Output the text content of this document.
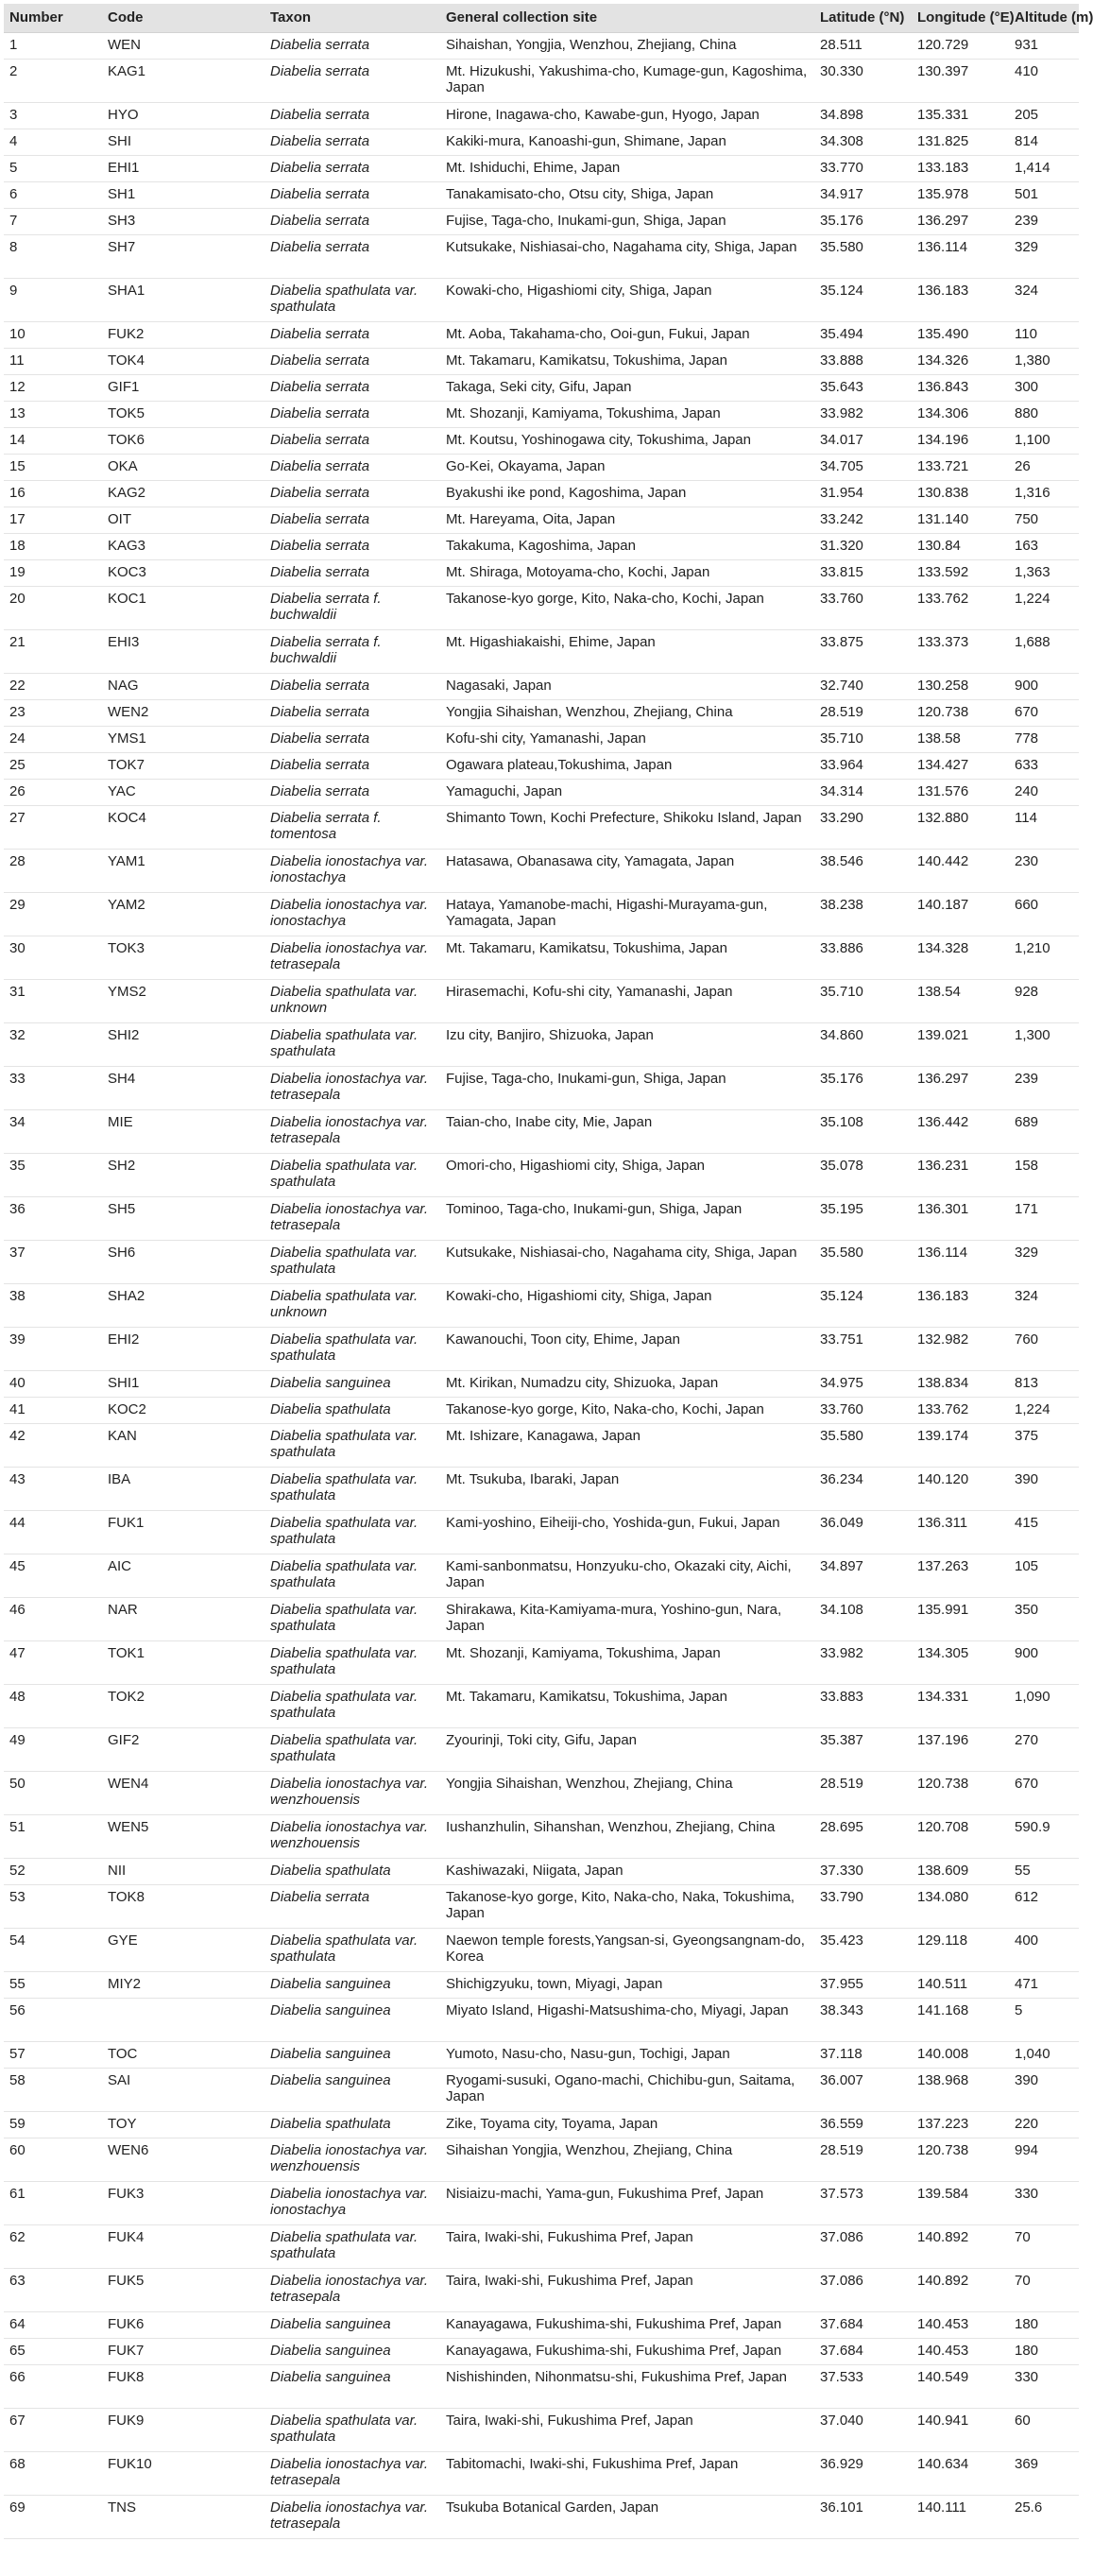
Number	Code	Taxon	General collection site	Latitude (°N)	Longitude (°E)	Altitude (m)
1	WEN	Diabelia serrata	Sihaishan, Yongjia, Wenzhou, Zhejiang, China	28.511	120.729	931
2	KAG1	Diabelia serrata	Mt. Hizukushi, Yakushima-cho, Kumage-gun, Kagoshima, Japan	30.330	130.397	410
3	HYO	Diabelia serrata	Hirone, Inagawa-cho, Kawabe-gun, Hyogo, Japan	34.898	135.331	205
4	SHI	Diabelia serrata	Kakiki-mura, Kanoashi-gun, Shimane, Japan	34.308	131.825	814
5	EHI1	Diabelia serrata	Mt. Ishiduchi, Ehime, Japan	33.770	133.183	1,414
6	SH1	Diabelia serrata	Tanakamisato-cho, Otsu city, Shiga, Japan	34.917	135.978	501
7	SH3	Diabelia serrata	Fujise, Taga-cho, Inukami-gun, Shiga, Japan	35.176	136.297	239
8	SH7	Diabelia serrata	Kutsukake, Nishiasai-cho, Nagahama city, Shiga, Japan	35.580	136.114	329
9	SHA1	Diabelia spathulata var. spathulata	Kowaki-cho, Higashiomi city, Shiga, Japan	35.124	136.183	324
10	FUK2	Diabelia serrata	Mt. Aoba, Takahama-cho, Ooi-gun, Fukui, Japan	35.494	135.490	110
11	TOK4	Diabelia serrata	Mt. Takamaru, Kamikatsu, Tokushima, Japan	33.888	134.326	1,380
12	GIF1	Diabelia serrata	Takaga, Seki city, Gifu, Japan	35.643	136.843	300
13	TOK5	Diabelia serrata	Mt. Shozanji, Kamiyama, Tokushima, Japan	33.982	134.306	880
14	TOK6	Diabelia serrata	Mt. Koutsu, Yoshinogawa city, Tokushima, Japan	34.017	134.196	1,100
15	OKA	Diabelia serrata	Go-Kei, Okayama, Japan	34.705	133.721	26
16	KAG2	Diabelia serrata	Byakushi ike pond, Kagoshima, Japan	31.954	130.838	1,316
17	OIT	Diabelia serrata	Mt. Hareyama, Oita, Japan	33.242	131.140	750
18	KAG3	Diabelia serrata	Takakuma, Kagoshima, Japan	31.320	130.84	163
19	KOC3	Diabelia serrata	Mt. Shiraga, Motoyama-cho, Kochi, Japan	33.815	133.592	1,363
20	KOC1	Diabelia serrata f. buchwaldii	Takanose-kyo gorge, Kito, Naka-cho, Kochi, Japan	33.760	133.762	1,224
21	EHI3	Diabelia serrata f. buchwaldii	Mt. Higashiakaishi, Ehime, Japan	33.875	133.373	1,688
22	NAG	Diabelia serrata	Nagasaki, Japan	32.740	130.258	900
23	WEN2	Diabelia serrata	Yongjia Sihaishan, Wenzhou, Zhejiang, China	28.519	120.738	670
24	YMS1	Diabelia serrata	Kofu-shi city, Yamanashi, Japan	35.710	138.58	778
25	TOK7	Diabelia serrata	Ogawara plateau,Tokushima, Japan	33.964	134.427	633
26	YAC	Diabelia serrata	Yamaguchi, Japan	34.314	131.576	240
27	KOC4	Diabelia serrata f. tomentosa	Shimanto Town, Kochi Prefecture, Shikoku Island, Japan	33.290	132.880	114
28	YAM1	Diabelia ionostachya var. ionostachya	Hatasawa, Obanasawa city, Yamagata, Japan	38.546	140.442	230
29	YAM2	Diabelia ionostachya var. ionostachya	Hataya, Yamanobe-machi, Higashi-Murayama-gun, Yamagata, Japan	38.238	140.187	660
30	TOK3	Diabelia ionostachya var. tetrasepala	Mt. Takamaru, Kamikatsu, Tokushima, Japan	33.886	134.328	1,210
31	YMS2	Diabelia spathulata var. unknown	Hirasemachi, Kofu-shi city, Yamanashi, Japan	35.710	138.54	928
32	SHI2	Diabelia spathulata var. spathulata	Izu city, Banjiro, Shizuoka, Japan	34.860	139.021	1,300
33	SH4	Diabelia ionostachya var. tetrasepala	Fujise, Taga-cho, Inukami-gun, Shiga, Japan	35.176	136.297	239
34	MIE	Diabelia ionostachya var. tetrasepala	Taian-cho, Inabe city, Mie, Japan	35.108	136.442	689
35	SH2	Diabelia spathulata var. spathulata	Omori-cho, Higashiomi city, Shiga, Japan	35.078	136.231	158
36	SH5	Diabelia ionostachya var. tetrasepala	Tominoo, Taga-cho, Inukami-gun, Shiga, Japan	35.195	136.301	171
37	SH6	Diabelia spathulata var. spathulata	Kutsukake, Nishiasai-cho, Nagahama city, Shiga, Japan	35.580	136.114	329
38	SHA2	Diabelia spathulata var. unknown	Kowaki-cho, Higashiomi city, Shiga, Japan	35.124	136.183	324
39	EHI2	Diabelia spathulata var. spathulata	Kawanouchi, Toon city, Ehime, Japan	33.751	132.982	760
40	SHI1	Diabelia sanguinea	Mt. Kirikan, Numadzu city, Shizuoka, Japan	34.975	138.834	813
41	KOC2	Diabelia spathulata	Takanose-kyo gorge, Kito, Naka-cho, Kochi, Japan	33.760	133.762	1,224
42	KAN	Diabelia spathulata var. spathulata	Mt. Ishizare, Kanagawa, Japan	35.580	139.174	375
43	IBA	Diabelia spathulata var. spathulata	Mt. Tsukuba, Ibaraki, Japan	36.234	140.120	390
44	FUK1	Diabelia spathulata var. spathulata	Kami-yoshino, Eiheiji-cho, Yoshida-gun, Fukui, Japan	36.049	136.311	415
45	AIC	Diabelia spathulata var. spathulata	Kami-sanbonmatsu, Honzyuku-cho, Okazaki city, Aichi, Japan	34.897	137.263	105
46	NAR	Diabelia spathulata var. spathulata	Shirakawa, Kita-Kamiyama-mura, Yoshino-gun, Nara, Japan	34.108	135.991	350
47	TOK1	Diabelia spathulata var. spathulata	Mt. Shozanji, Kamiyama, Tokushima, Japan	33.982	134.305	900
48	TOK2	Diabelia spathulata var. spathulata	Mt. Takamaru, Kamikatsu, Tokushima, Japan	33.883	134.331	1,090
49	GIF2	Diabelia spathulata var. spathulata	Zyourinji, Toki city, Gifu, Japan	35.387	137.196	270
50	WEN4	Diabelia ionostachya var. wenzhouensis	Yongjia Sihaishan, Wenzhou, Zhejiang, China	28.519	120.738	670
51	WEN5	Diabelia ionostachya var. wenzhouensis	Iushanzhulin, Sihanshan, Wenzhou, Zhejiang, China	28.695	120.708	590.9
52	NII	Diabelia spathulata	Kashiwazaki, Niigata, Japan	37.330	138.609	55
53	TOK8	Diabelia serrata	Takanose-kyo gorge, Kito, Naka-cho, Naka, Tokushima, Japan	33.790	134.080	612
54	GYE	Diabelia spathulata var. spathulata	Naewon temple forests,Yangsan-si, Gyeongsangnam-do, Korea	35.423	129.118	400
55	MIY2	Diabelia sanguinea	Shichigzyuku, town, Miyagi, Japan	37.955	140.511	471
56		Diabelia sanguinea	Miyato Island, Higashi-Matsushima-cho, Miyagi, Japan	38.343	141.168	5
57	TOC	Diabelia sanguinea	Yumoto, Nasu-cho, Nasu-gun, Tochigi, Japan	37.118	140.008	1,040
58	SAI	Diabelia sanguinea	Ryogami-susuki, Ogano-machi, Chichibu-gun, Saitama, Japan	36.007	138.968	390
59	TOY	Diabelia spathulata	Zike, Toyama city, Toyama, Japan	36.559	137.223	220
60	WEN6	Diabelia ionostachya var. wenzhouensis	Sihaishan Yongjia, Wenzhou, Zhejiang, China	28.519	120.738	994
61	FUK3	Diabelia ionostachya var. ionostachya	Nisiaizu-machi, Yama-gun, Fukushima Pref, Japan	37.573	139.584	330
62	FUK4	Diabelia spathulata var. spathulata	Taira, Iwaki-shi, Fukushima Pref, Japan	37.086	140.892	70
63	FUK5	Diabelia ionostachya var. tetrasepala	Taira, Iwaki-shi, Fukushima Pref, Japan	37.086	140.892	70
64	FUK6	Diabelia sanguinea	Kanayagawa, Fukushima-shi, Fukushima Pref, Japan	37.684	140.453	180
65	FUK7	Diabelia sanguinea	Kanayagawa, Fukushima-shi, Fukushima Pref, Japan	37.684	140.453	180
66	FUK8	Diabelia sanguinea	Nishishinden, Nihonmatsu-shi, Fukushima Pref, Japan	37.533	140.549	330
67	FUK9	Diabelia spathulata var. spathulata	Taira, Iwaki-shi, Fukushima Pref, Japan	37.040	140.941	60
68	FUK10	Diabelia ionostachya var. tetrasepala	Tabitomachi, Iwaki-shi, Fukushima Pref, Japan	36.929	140.634	369
69	TNS	Diabelia ionostachya var. tetrasepala	Tsukuba Botanical Garden, Japan	36.101	140.111	25.6
